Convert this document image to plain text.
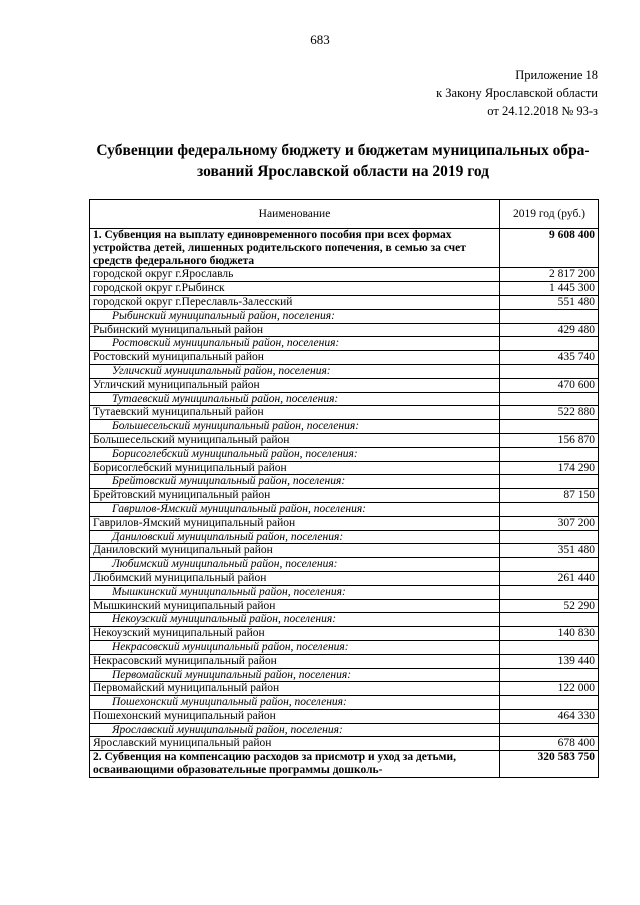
683
Приложение 18
к Закону Ярославской области
от 24.12.2018 № 93-з
Субвенции федеральному бюджету и бюджетам муниципальных обра-
зований Ярославской области на 2019 год
Наименование	2019 год (руб.)
1. Субвенция на выплату единовременного пособия при всех формах устройства детей, лишенных родительского попечения, в семью за счет средств федерального бюджета	9 608 400
городской округ г.Ярославль	2 817 200
городской округ г.Рыбинск	1 445 300
городской округ г.Переславль-Залесский	551 480
Рыбинский муниципальный район, поселения:	
Рыбинский муниципальный район	429 480
Ростовский муниципальный район, поселения:	
Ростовский муниципальный район	435 740
Угличский муниципальный район, поселения:	
Угличский муниципальный район	470 600
Тутаевский муниципальный район, поселения:	
Тутаевский муниципальный район	522 880
Большесельский муниципальный район, поселения:	
Большесельский муниципальный район	156 870
Борисоглебский муниципальный район, поселения:	
Борисоглебский муниципальный район	174 290
Брейтовский муниципальный район, поселения:	
Брейтовский муниципальный район	87 150
Гаврилов-Ямский муниципальный район, поселения:	
Гаврилов-Ямский муниципальный район	307 200
Даниловский муниципальный район, поселения:	
Даниловский муниципальный район	351 480
Любимский муниципальный район, поселения:	
Любимский муниципальный район	261 440
Мышкинский муниципальный район, поселения:	
Мышкинский муниципальный район	52 290
Некоузский муниципальный район, поселения:	
Некоузский муниципальный район	140 830
Некрасовский муниципальный район, поселения:	
Некрасовский муниципальный район	139 440
Первомайский муниципальный район, поселения:	
Первомайский муниципальный район	122 000
Пошехонский муниципальный район, поселения:	
Пошехонский муниципальный район	464 330
Ярославский муниципальный район, поселения:	
Ярославский муниципальный район	678 400
2. Субвенция на компенсацию расходов за присмотр и уход за детьми, осваивающими образовательные программы дошколь-	320 583 750
